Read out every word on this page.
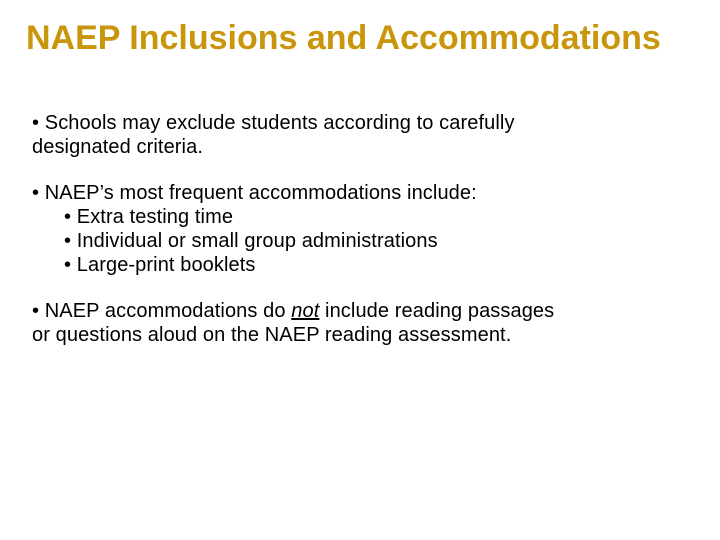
NAEP Inclusions and Accommodations
• Schools may exclude students according to carefully
designated criteria.
• NAEP’s most frequent accommodations include:
• Extra testing time
• Individual or small group administrations
• Large-print booklets
• NAEP accommodations do not include reading passages
or questions aloud on the NAEP reading assessment.
